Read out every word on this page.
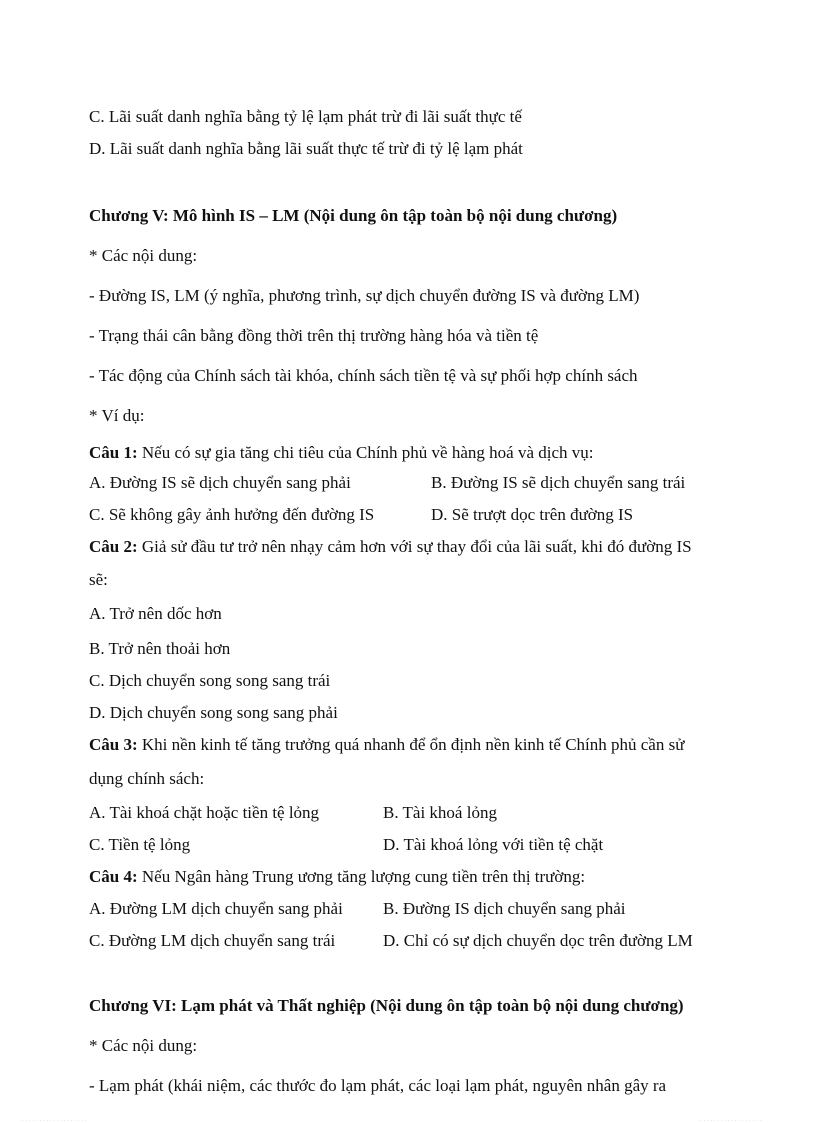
C. Lãi suất danh nghĩa bằng tỷ lệ lạm phát trừ đi lãi suất thực tế
D. Lãi suất danh nghĩa bằng lãi suất thực tế trừ đi tỷ lệ lạm phát
Chương V: Mô hình IS – LM (Nội dung ôn tập toàn bộ nội dung chương)
* Các nội dung:
- Đường IS, LM (ý nghĩa, phương trình, sự dịch chuyển đường IS và đường LM)
- Trạng thái cân bằng đồng thời trên thị trường hàng hóa và tiền tệ
- Tác động của Chính sách tài khóa, chính sách tiền tệ và sự phối hợp chính sách
* Ví dụ:
Câu 1: Nếu có sự gia tăng chi tiêu của Chính phủ về hàng hoá và dịch vụ:
A. Đường IS sẽ dịch chuyển sang phải	B. Đường IS sẽ dịch chuyển sang trái
C. Sẽ không gây ảnh hưởng đến đường IS	D. Sẽ trượt dọc trên đường IS
Câu 2: Giả sử đầu tư trở nên nhạy cảm hơn với sự thay đổi của lãi suất, khi đó đường IS
sẽ:
A. Trở nên dốc hơn
B. Trở nên thoải hơn
C. Dịch chuyển song song sang trái
D. Dịch chuyển song song sang phải
Câu 3: Khi nền kinh tế tăng trưởng quá nhanh để ổn định nền kinh tế Chính phủ cần sử
dụng chính sách:
A. Tài khoá chặt hoặc tiền tệ lỏng	B. Tài khoá lỏng
C. Tiền tệ lỏng	D. Tài khoá lỏng với tiền tệ chặt
Câu 4: Nếu Ngân hàng Trung ương tăng lượng cung tiền trên thị trường:
A. Đường LM dịch chuyển sang phải B. Đường IS dịch chuyển sang phải
C. Đường LM dịch chuyển sang trái	D. Chỉ có sự dịch chuyển dọc trên đường LM
Chương VI: Lạm phát và Thất nghiệp (Nội dung ôn tập toàn bộ nội dung chương)
* Các nội dung:
- Lạm phát (khái niệm, các thước đo lạm phát, các loại lạm phát, nguyên nhân gây ra
...................	..................
